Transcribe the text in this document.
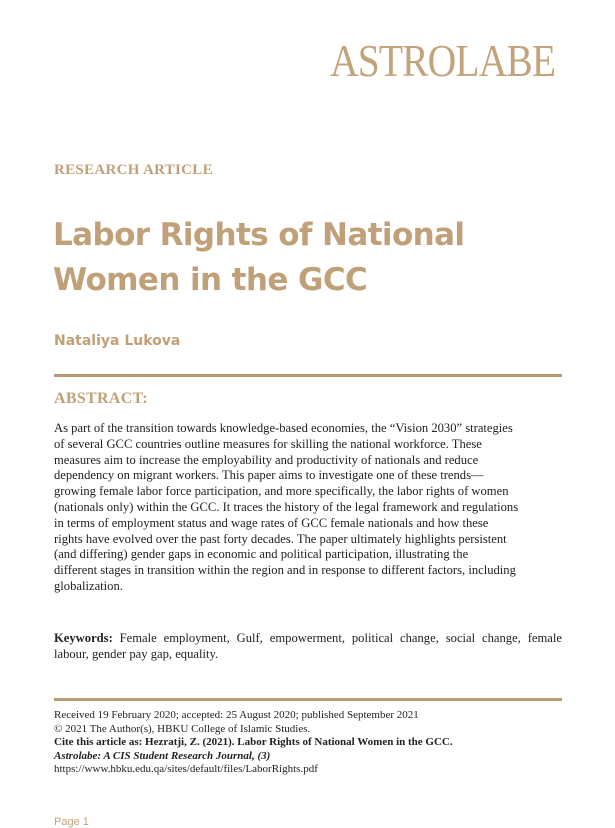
ASTROLABE
RESEARCH ARTICLE
Labor Rights of National Women in the GCC
Nataliya Lukova
ABSTRACT:
As part of the transition towards knowledge-based economies, the “Vision 2030” strategies
of several GCC countries outline measures for skilling the national workforce. These
measures aim to increase the employability and productivity of nationals and reduce
dependency on migrant workers. This paper aims to investigate one of these trends—
growing female labor force participation, and more specifically, the labor rights of women
(nationals only) within the GCC. It traces the history of the legal framework and regulations
in terms of employment status and wage rates of GCC female nationals and how these
rights have evolved over the past forty decades. The paper ultimately highlights persistent
(and differing) gender gaps in economic and political participation, illustrating the
different stages in transition within the region and in response to different factors, including
globalization.
Keywords: Female employment, Gulf, empowerment, political change, social change, female labour, gender pay gap, equality.
Received 19 February 2020; accepted: 25 August 2020; published September 2021
© 2021 The Author(s), HBKU College of Islamic Studies.
Cite this article as: Hezratji, Z. (2021). Labor Rights of National Women in the GCC.
Astrolabe: A CIS Student Research Journal, (3)
https://www.hbku.edu.qa/sites/default/files/LaborRights.pdf
Page 1
